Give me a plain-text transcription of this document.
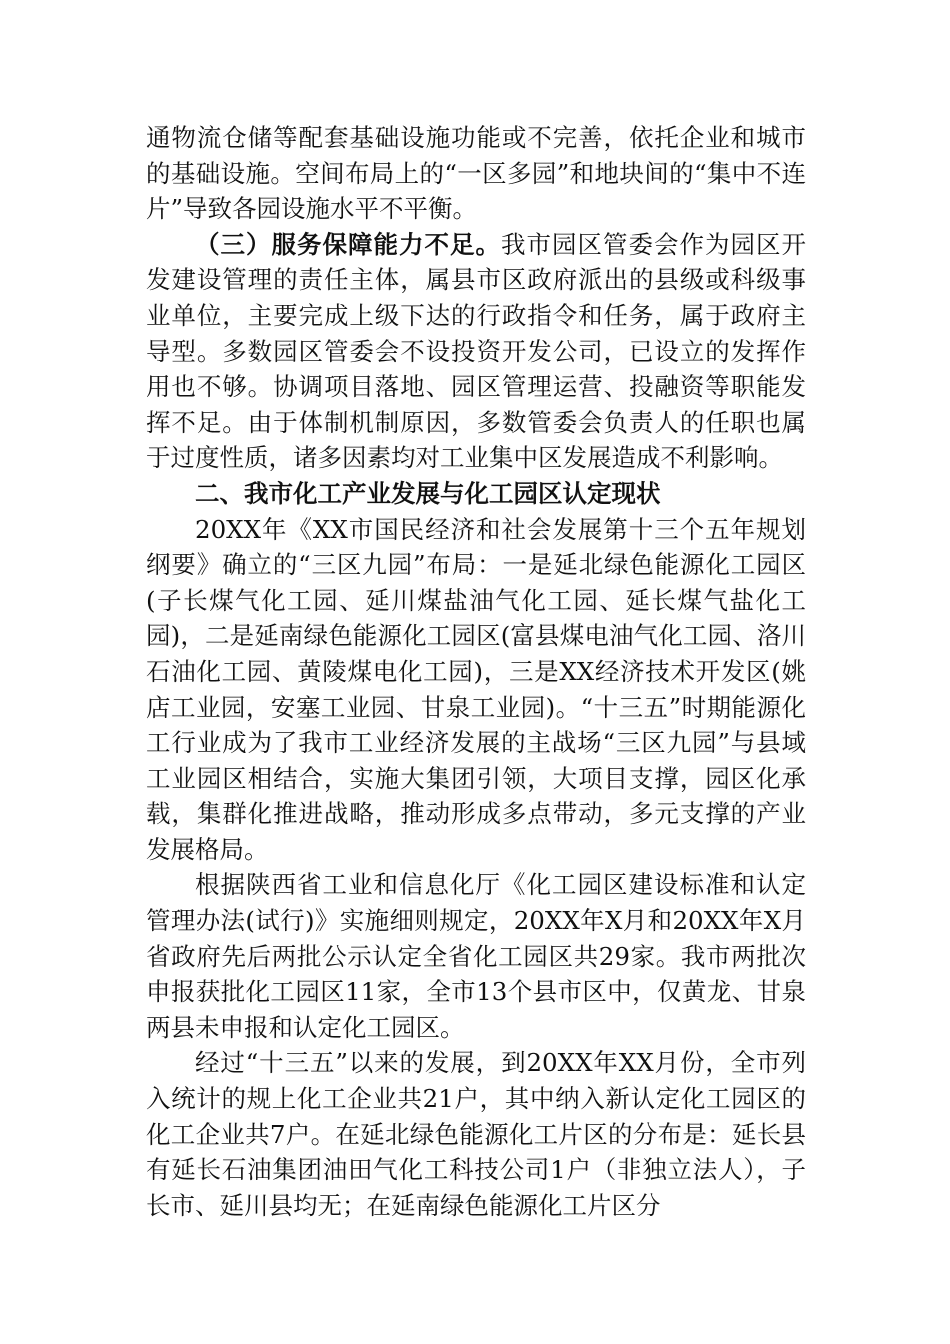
通物流仓储等配套基础设施功能或不完善，依托企业和城市的基础设施。空间布局上的“一区多园”和地块间的“集中不连片”导致各园设施水平不平衡。

（三）服务保障能力不足。我市园区管委会作为园区开发建设管理的责任主体，属县市区政府派出的县级或科级事业单位，主要完成上级下达的行政指令和任务，属于政府主导型。多数园区管委会不设投资开发公司，已设立的发挥作用也不够。协调项目落地、园区管理运营、投融资等职能发挥不足。由于体制机制原因，多数管委会负责人的任职也属于过度性质，诸多因素均对工业集中区发展造成不利影响。

二、我市化工产业发展与化工园区认定现状

20XX年《XX市国民经济和社会发展第十三个五年规划纲要》确立的“三区九园”布局：一是延北绿色能源化工园区(子长煤气化工园、延川煤盐油气化工园、延长煤气盐化工园)，二是延南绿色能源化工园区(富县煤电油气化工园、洛川石油化工园、黄陵煤电化工园)，三是XX经济技术开发区(姚店工业园，安塞工业园、甘泉工业园)。“十三五”时期能源化工行业成为了我市工业经济发展的主战场“三区九园”与县域工业园区相结合，实施大集团引领，大项目支撑，园区化承载，集群化推进战略，推动形成多点带动，多元支撑的产业发展格局。

根据陕西省工业和信息化厅《化工园区建设标准和认定管理办法(试行)》实施细则规定，20XX年X月和20XX年X月省政府先后两批公示认定全省化工园区共29家。我市两批次申报获批化工园区11家，全市13个县市区中，仅黄龙、甘泉两县未申报和认定化工园区。

经过“十三五”以来的发展，到20XX年XX月份，全市列入统计的规上化工企业共21户，其中纳入新认定化工园区的化工企业共7户。在延北绿色能源化工片区的分布是：延长县有延长石油集团油田气化工科技公司1户（非独立法人），子长市、延川县均无；在延南绿色能源化工片区分
